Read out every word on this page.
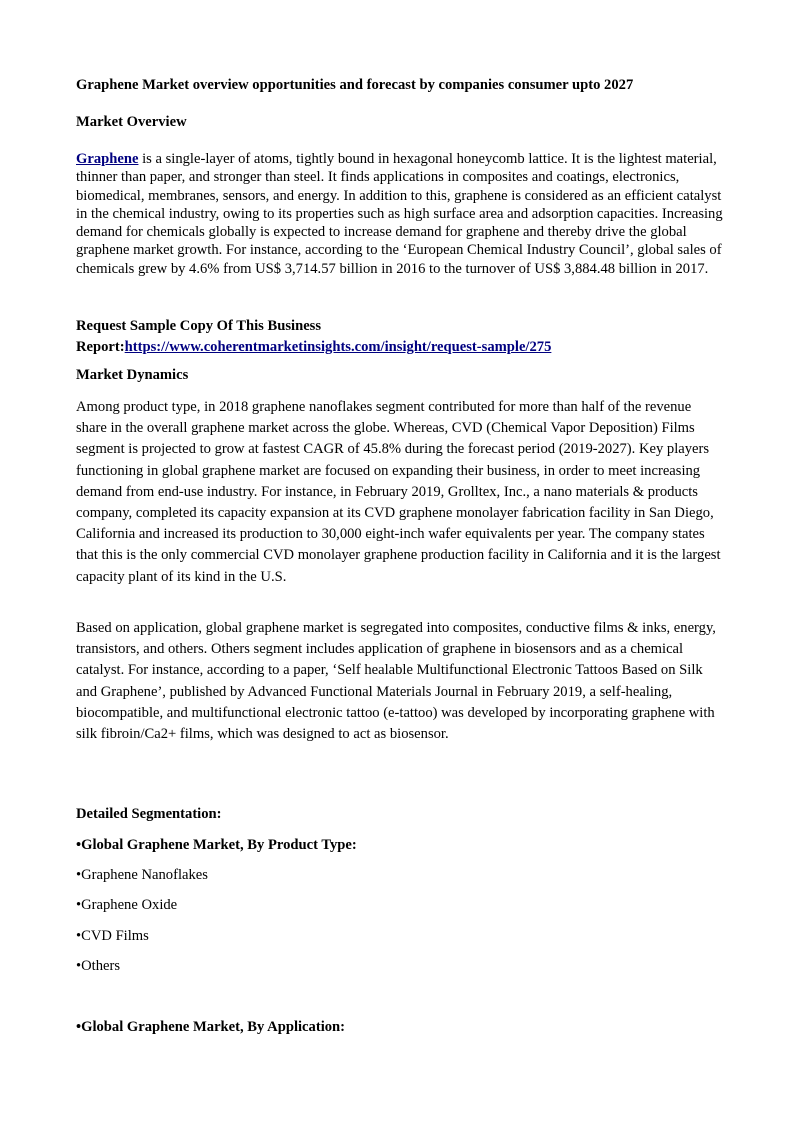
Graphene Market overview opportunities and forecast by companies consumer upto 2027
Market Overview

Graphene is a single-layer of atoms, tightly bound in hexagonal honeycomb lattice. It is the lightest material, thinner than paper, and stronger than steel. It finds applications in composites and coatings, electronics, biomedical, membranes, sensors, and energy. In addition to this, graphene is considered as an efficient catalyst in the chemical industry, owing to its properties such as high surface area and adsorption capacities. Increasing demand for chemicals globally is expected to increase demand for graphene and thereby drive the global graphene market growth. For instance, according to the ‘European Chemical Industry Council’, global sales of chemicals grew by 4.6% from US$ 3,714.57 billion in 2016 to the turnover of US$ 3,884.48 billion in 2017.

Request Sample Copy Of This Business Report:https://www.coherentmarketinsights.com/insight/request-sample/275

Market Dynamics

Among product type, in 2018 graphene nanoflakes segment contributed for more than half of the revenue share in the overall graphene market across the globe. Whereas, CVD (Chemical Vapor Deposition) Films segment is projected to grow at fastest CAGR of 45.8% during the forecast period (2019-2027). Key players functioning in global graphene market are focused on expanding their business, in order to meet increasing demand from end-use industry. For instance, in February 2019, Grolltex, Inc., a nano materials & products company, completed its capacity expansion at its CVD graphene monolayer fabrication facility in San Diego, California and increased its production to 30,000 eight-inch wafer equivalents per year. The company states that this is the only commercial CVD monolayer graphene production facility in California and it is the largest capacity plant of its kind in the U.S.

Based on application, global graphene market is segregated into composites, conductive films & inks, energy, transistors, and others. Others segment includes application of graphene in biosensors and as a chemical catalyst. For instance, according to a paper, ‘Self healable Multifunctional Electronic Tattoos Based on Silk and Graphene’, published by Advanced Functional Materials Journal in February 2019, a self-healing, biocompatible, and multifunctional electronic tattoo (e-tattoo) was developed by incorporating graphene with silk fibroin/Ca2+ films, which was designed to act as biosensor.

Detailed Segmentation:
•Global Graphene Market, By Product Type:
•Graphene Nanoflakes
•Graphene Oxide
•CVD Films
•Others
•Global Graphene Market, By Application:
